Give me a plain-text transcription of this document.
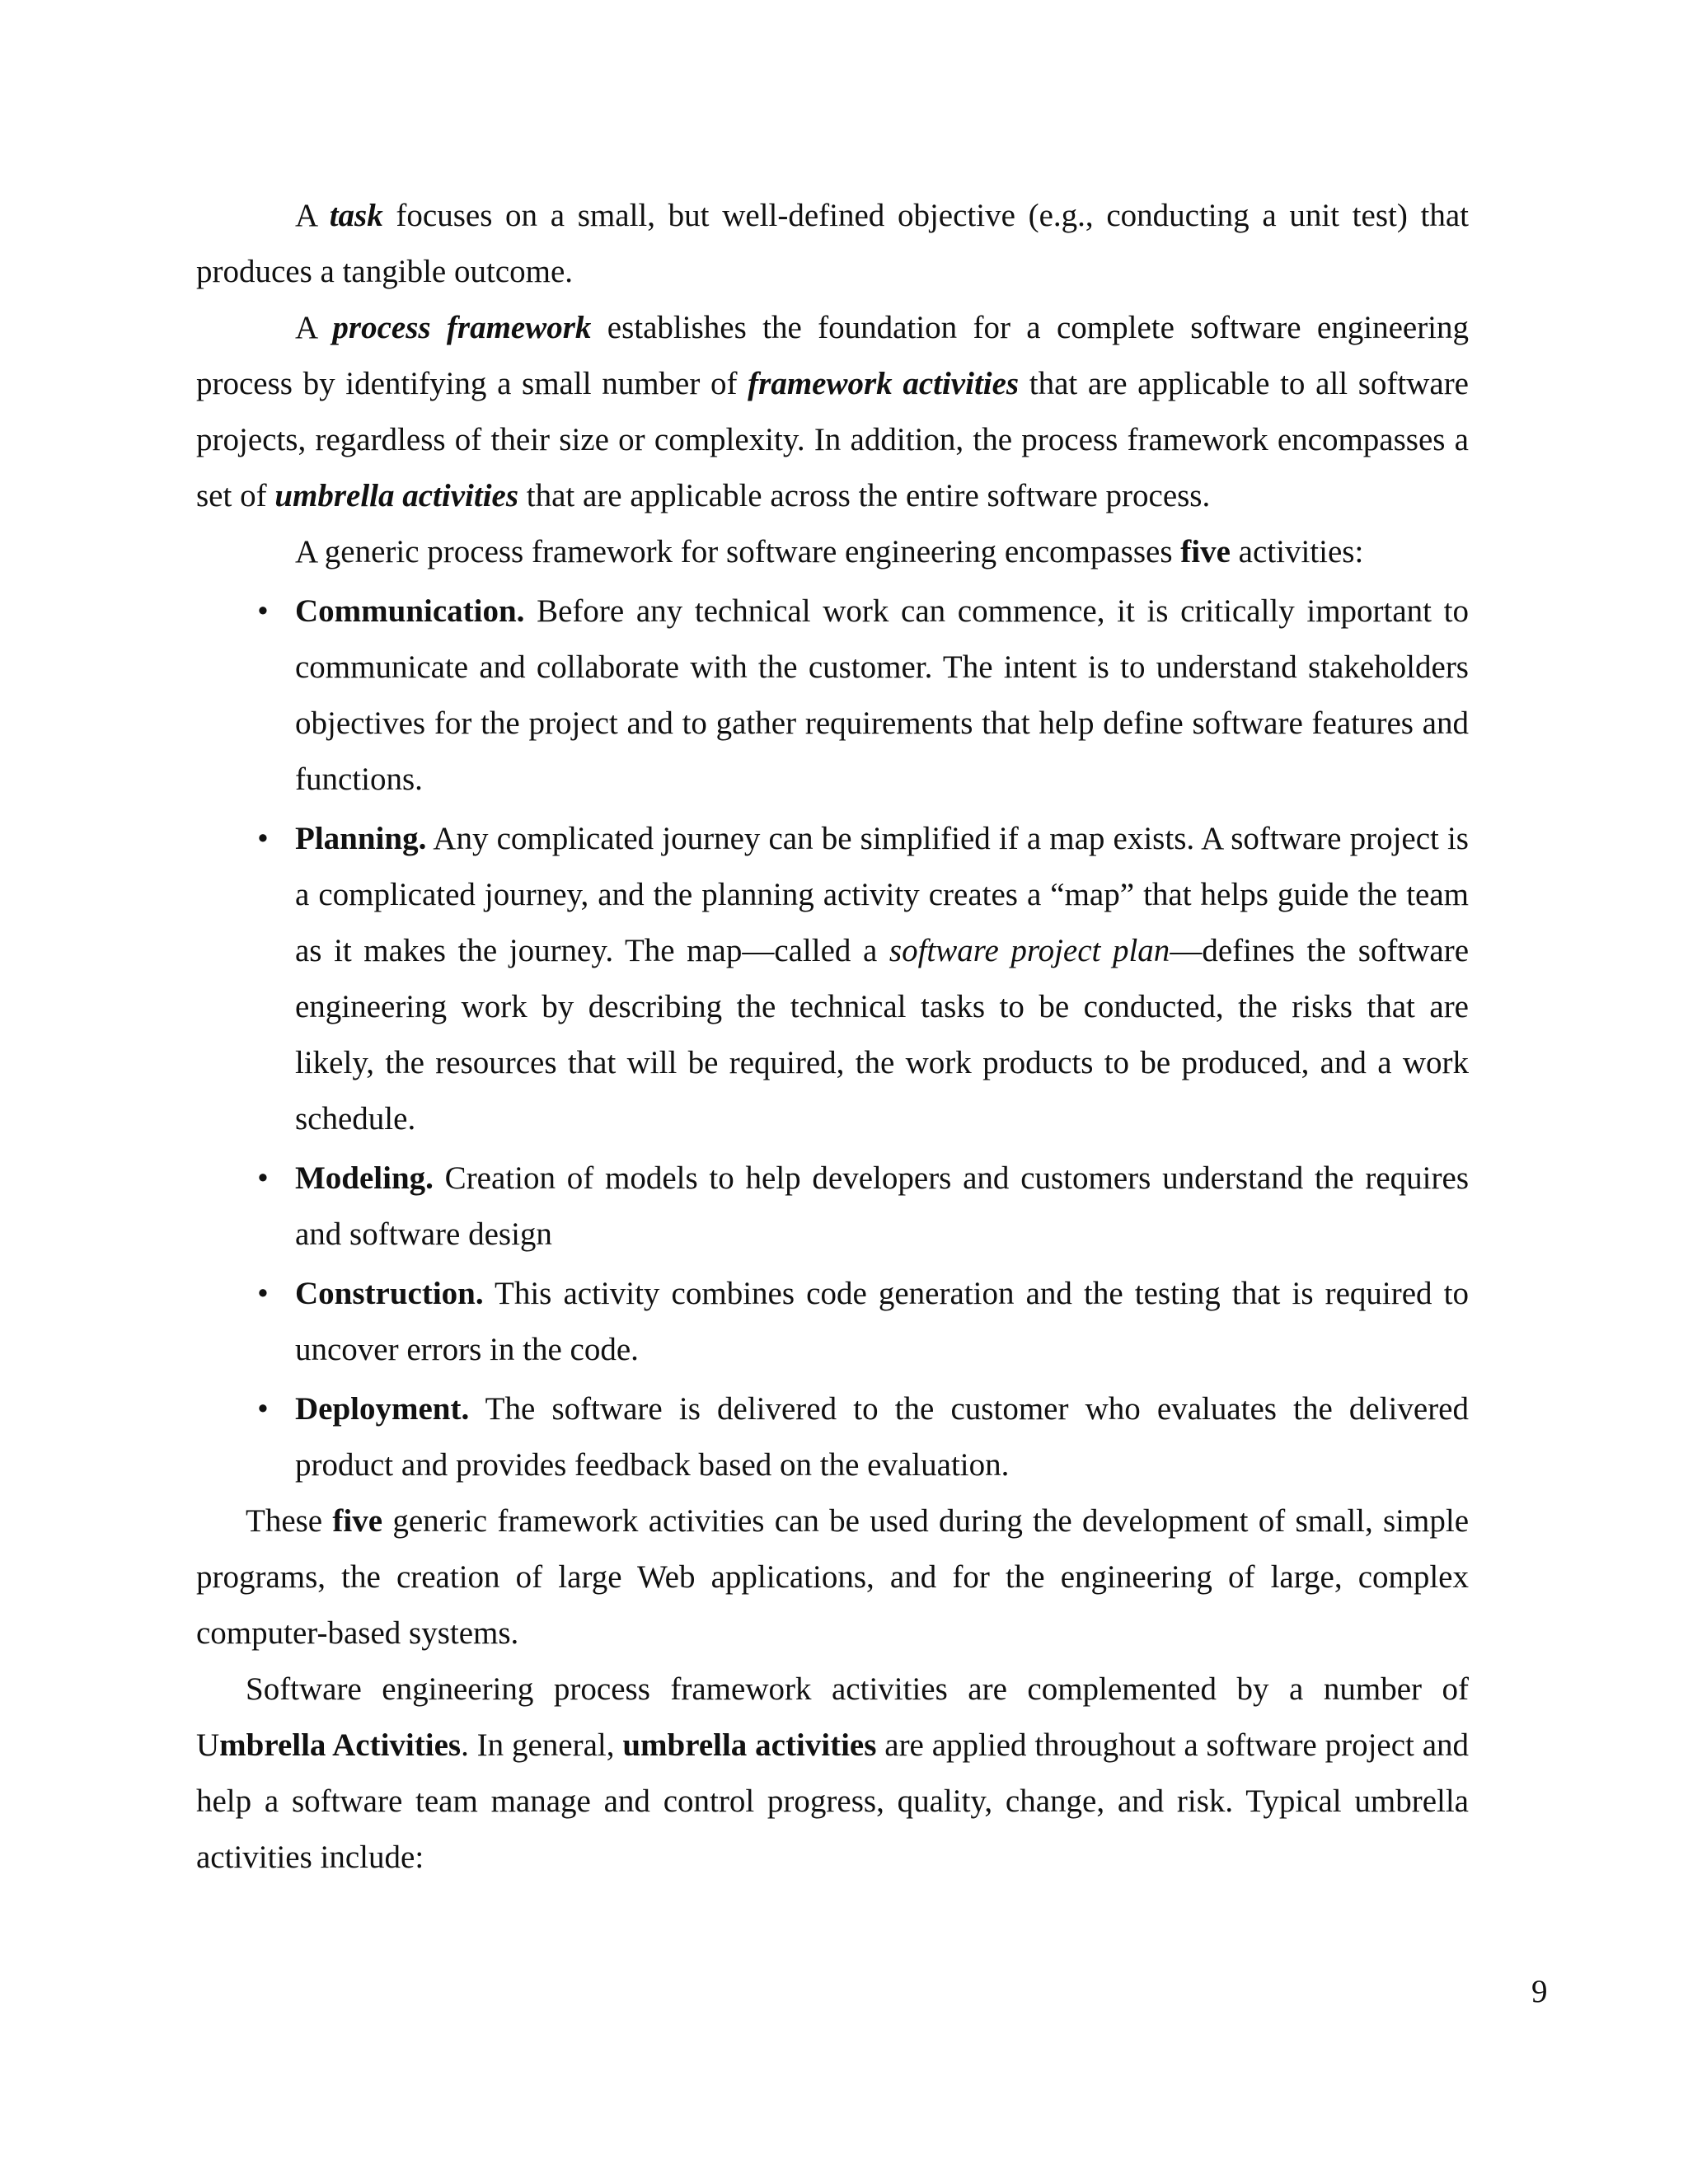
A task focuses on a small, but well-defined objective (e.g., conducting a unit test) that produces a tangible outcome.

A process framework establishes the foundation for a complete software engineering process by identifying a small number of framework activities that are applicable to all software projects, regardless of their size or complexity. In addition, the process framework encompasses a set of umbrella activities that are applicable across the entire software process.

A generic process framework for software engineering encompasses five activities:

• Communication. Before any technical work can commence, it is critically important to communicate and collaborate with the customer. The intent is to understand stakeholders objectives for the project and to gather requirements that help define software features and functions.
• Planning. Any complicated journey can be simplified if a map exists. A software project is a complicated journey, and the planning activity creates a “map” that helps guide the team as it makes the journey. The map—called a software project plan—defines the software engineering work by describing the technical tasks to be conducted, the risks that are likely, the resources that will be required, the work products to be produced, and a work schedule.
• Modeling. Creation of models to help developers and customers understand the requires and software design
• Construction. This activity combines code generation and the testing that is required to uncover errors in the code.
• Deployment. The software is delivered to the customer who evaluates the delivered product and provides feedback based on the evaluation.

These five generic framework activities can be used during the development of small, simple programs, the creation of large Web applications, and for the engineering of large, complex computer-based systems.

Software engineering process framework activities are complemented by a number of Umbrella Activities. In general, umbrella activities are applied throughout a software project and help a software team manage and control progress, quality, change, and risk. Typical umbrella activities include:

9
